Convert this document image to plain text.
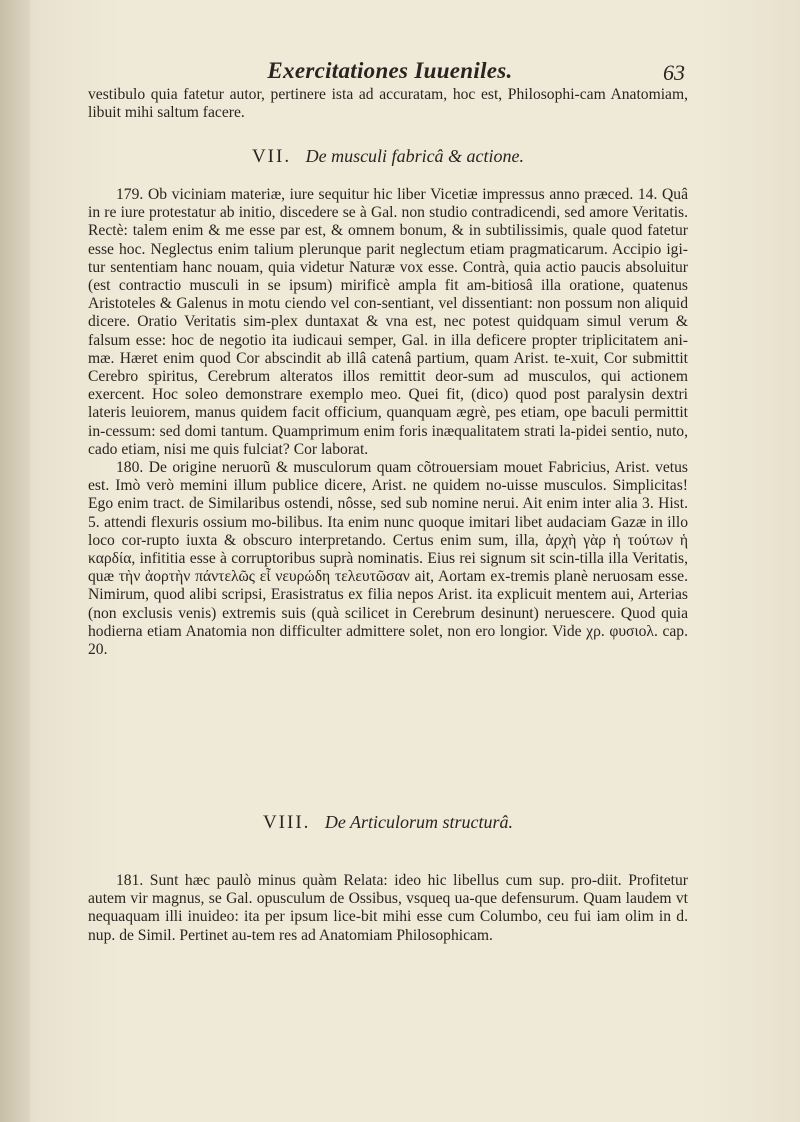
Exercitationes Iuueniles.	63

vestibulo quia fatetur autor, pertinere ista ad accuratam, hoc est, Philosophi-cam Anatomiam, libuit mihi saltum facere.

VII. De musculi fabricâ & actione.

179. Ob viciniam materiæ, iure sequitur hic liber Vicetiæ impressus anno præced. 14. Quâ in re iure protestatur ab initio, discedere se à Gal. non studio contradicendi, sed amore Veritatis. Rectè: talem enim & me esse par est, & omnem bonum, & in subtilissimis, quale quod fatetur esse hoc. Neglectus enim talium plerunque parit neglectum etiam pragmaticarum. Accipio igi-tur sententiam hanc nouam, quia videtur Naturæ vox esse. Contrà, quia actio paucis absoluitur (est contractio musculi in se ipsum) mirificè ampla fit am-bitiosâ illa oratione, quatenus Aristoteles & Galenus in motu ciendo vel con-sentiant, vel dissentiant: non possum non aliquid dicere. Oratio Veritatis sim-plex duntaxat & vna est, nec potest quidquam simul verum & falsum esse: hoc de negotio ita iudicaui semper, Gal. in illa deficere propter triplicitatem ani-mæ. Hæret enim quod Cor abscindit ab illâ catenâ partium, quam Arist. te-xuit, Cor submittit Cerebro spiritus, Cerebrum alteratos illos remittit deor-sum ad musculos, qui actionem exercent. Hoc soleo demonstrare exemplo meo. Quei fit, (dico) quod post paralysin dextri lateris leuiorem, manus quidem facit officium, quanquam ægrè, pes etiam, ope baculi permittit in-cessum: sed domi tantum. Quamprimum enim foris inæqualitatem strati la-pidei sentio, nuto, cado etiam, nisi me quis fulciat? Cor laborat.

180. De origine neruorũ & musculorum quam cõtrouersiam mouet Fabricius, Arist. vetus est. Imò verò memini illum publice dicere, Arist. ne quidem no-uisse musculos. Simplicitas! Ego enim tract. de Similaribus ostendi, nôsse, sed sub nomine nerui. Ait enim inter alia 3. Hist. 5. attendi flexuris ossium mo-bilibus. Ita enim nunc quoque imitari libet audaciam Gazæ in illo loco cor-rupto iuxta & obscuro interpretando. Certus enim sum, illa, ἀρχὴ γὰρ ἡ τούτων ἡ καρδία, infititia esse à corruptoribus suprà nominatis. Eius rei signum sit scin-tilla illa Veritatis, quæ τὴν ἀορτὴν πάντελῶς εἶ νευρώδη τελευτῶσαν ait, Aortam ex-tremis planè neruosam esse. Nimirum, quod alibi scripsi, Erasistratus ex filia nepos Arist. ita explicuit mentem aui, Arterias (non exclusis venis) extremis suis (quà scilicet in Cerebrum desinunt) neruescere. Quod quia hodierna etiam Anatomia non difficulter admittere solet, non ero longior. Vide χρ. φυσιολ. cap. 20.

VIII. De Articulorum structurâ.

181. Sunt hæc paulò minus quàm Relata: ideo hic libellus cum sup. pro-diit. Profitetur autem vir magnus, se Gal. opusculum de Ossibus, vsqueq ua-que defensurum. Quam laudem vt nequaquam illi inuideo: ita per ipsum lice-bit mihi esse cum Columbo, ceu fui iam olim in d. nup. de Simil. Pertinet au-tem res ad Anatomiam Philosophicam.
